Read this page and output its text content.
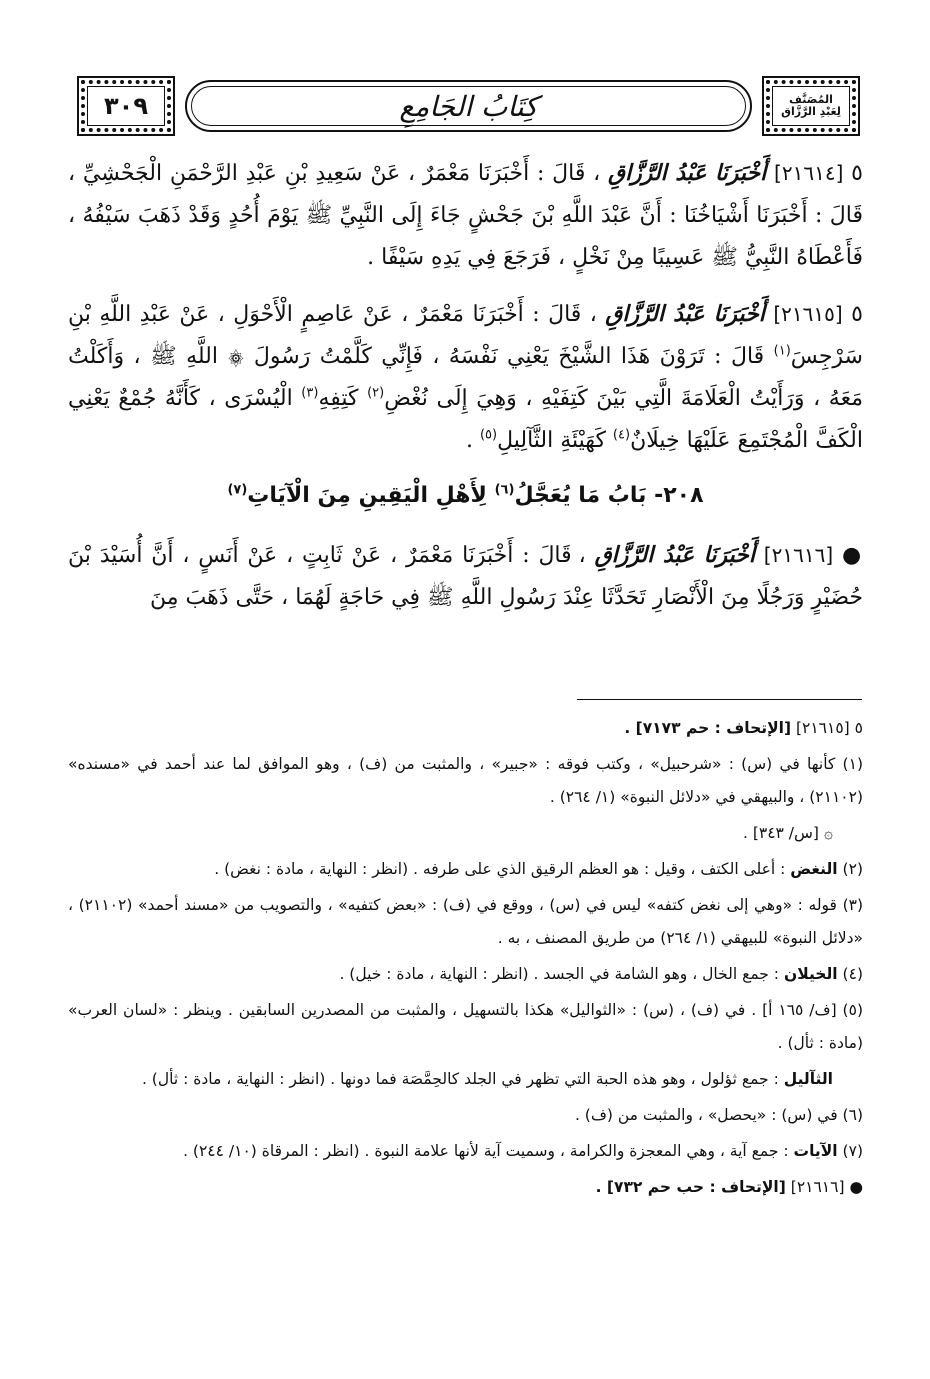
٣٠٩	كِتَابُ الجَامِعِ	المُصَنَّف
لِعَبْدِ الرَّزَّاق

٥ [٢١٦١٤] أَخْبَرَنَا عَبْدُ الرَّزَّاقِ ، قَالَ : أَخْبَرَنَا مَعْمَرٌ ، عَنْ سَعِيدِ بْنِ عَبْدِ الرَّحْمَنِ الْجَحْشِيِّ ، قَالَ : أَخْبَرَنَا أَشْيَاخُنَا : أَنَّ عَبْدَ اللَّهِ بْنَ جَحْشٍ جَاءَ إِلَى النَّبِيِّ ﷺ يَوْمَ أُحُدٍ وَقَدْ ذَهَبَ سَيْفُهُ ، فَأَعْطَاهُ النَّبِيُّ ﷺ عَسِيبًا مِنْ نَخْلٍ ، فَرَجَعَ فِي يَدِهِ سَيْفًا .

٥ [٢١٦١٥] أَخْبَرَنَا عَبْدُ الرَّزَّاقِ ، قَالَ : أَخْبَرَنَا مَعْمَرٌ ، عَنْ عَاصِمٍ الْأَحْوَلِ ، عَنْ عَبْدِ اللَّهِ بْنِ سَرْجِسَ$^{(١)}$ قَالَ : تَرَوْنَ هَذَا الشَّيْخَ يَعْنِي نَفْسَهُ ، فَإِنِّي كَلَّمْتُ رَسُولَ ۞ اللَّهِ ﷺ ، وَأَكَلْتُ مَعَهُ ، وَرَأَيْتُ الْعَلَامَةَ الَّتِي بَيْنَ كَتِفَيْهِ ، وَهِيَ إِلَى نُغْضِ$^{(٢)}$ كَتِفِهِ$^{(٣)}$ الْيُسْرَى ، كَأَنَّهُ جُمْعٌ يَعْنِي الْكَفَّ الْمُجْتَمِعَ عَلَيْهَا خِيلَانٌ$^{(٤)}$ كَهَيْئَةِ الثَّآلِيلِ$^{(٥)}$ .

٢٠٨- بَابُ مَا يُعَجَّلُ$^{(٦)}$ لِأَهْلِ الْيَقِينِ مِنَ الْآيَاتِ$^{(٧)}$

● [٢١٦١٦] أَخْبَرَنَا عَبْدُ الرَّزَّاقِ ، قَالَ : أَخْبَرَنَا مَعْمَرٌ ، عَنْ ثَابِتٍ ، عَنْ أَنَسٍ ، أَنَّ أُسَيْدَ بْنَ حُضَيْرٍ وَرَجُلًا مِنَ الْأَنْصَارِ تَحَدَّثَا عِنْدَ رَسُولِ اللَّهِ ﷺ فِي حَاجَةٍ لَهُمَا ، حَتَّى ذَهَبَ مِنَ

٥ [٢١٦١٥] [الإتحاف : حم ٧١٧٣] .

(١) كأنها في (س) : «شرحبيل» ، وكتب فوقه : «جبير» ، والمثبت من (ف) ، وهو الموافق لما عند أحمد في «مسنده» (٢١١٠٢) ، والبيهقي في «دلائل النبوة» (١/ ٢٦٤) .

۞ [س/ ٣٤٣] .

(٢) النغض : أعلى الكتف ، وقيل : هو العظم الرقيق الذي على طرفه . (انظر : النهاية ، مادة : نغض) .

(٣) قوله : «وهي إلى نغض كتفه» ليس في (س) ، ووقع في (ف) : «بعض كتفيه» ، والتصويب من «مسند أحمد» (٢١١٠٢) ، «دلائل النبوة» للبيهقي (١/ ٢٦٤) من طريق المصنف ، به .

(٤) الخيلان : جمع الخال ، وهو الشامة في الجسد . (انظر : النهاية ، مادة : خيل) .

(٥) [ف/ ١٦٥ أ] . في (ف) ، (س) : «الثواليل» هكذا بالتسهيل ، والمثبت من المصدرين السابقين . وينظر : «لسان العرب» (مادة : ثأل) .

الثآليل : جمع ثؤلول ، وهو هذه الحبة التي تظهر في الجلد كالحِمَّصَة فما دونها . (انظر : النهاية ، مادة : ثأل) .

(٦) في (س) : «يحصل» ، والمثبت من (ف) .

(٧) الآيات : جمع آية ، وهي المعجزة والكرامة ، وسميت آية لأنها علامة النبوة . (انظر : المرقاة (١٠/ ٢٤٤) .

● [٢١٦١٦] [الإتحاف : حب حم ٧٣٢] .
